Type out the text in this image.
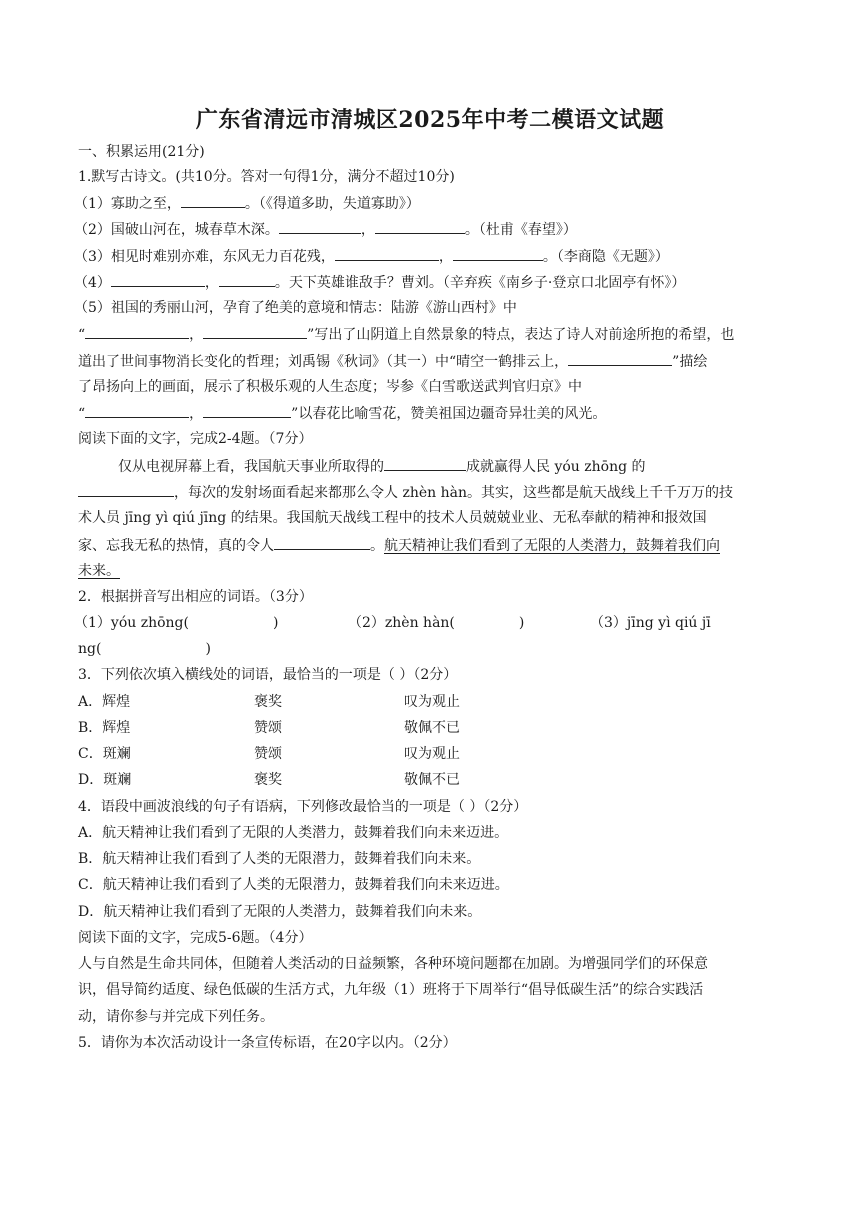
广东省清远市清城区2025年中考二模语文试题
一、积累运用(21分)
1.默写古诗文。(共10分。答对一句得1分，满分不超过10分)
（1）寡助之至，	。（《得道多助，失道寡助》）
（2）国破山河在，城春草木深。	，	。（杜甫《春望》）
（3）相见时难别亦难，东风无力百花残，	，	。（李商隐《无题》）
（4）	，	。天下英雄谁敌手？曹刘。（辛弃疾《南乡子·登京口北固亭有怀》）
（5）祖国的秀丽山河，孕育了绝美的意境和情志：陆游《游山西村》中
“	，	”写出了山阴道上自然景象的特点，表达了诗人对前途所抱的希望，也
道出了世间事物消长变化的哲理；刘禹锡《秋词》（其一）中“晴空一鹤排云上，	”描绘
了昂扬向上的画面，展示了积极乐观的人生态度；岑参《白雪歌送武判官归京》中
“	，	”以春花比喻雪花，赞美祖国边疆奇异壮美的风光。
阅读下面的文字，完成2-4题。（7分）
仅从电视屏幕上看，我国航天事业所取得的	成就赢得人民 yóu zhōng 的
，每次的发射场面看起来都那么令人 zhèn hàn。其实，这些都是航天战线上千千万万的技
术人员 jīng yì qiú jīng 的结果。我国航天战线工程中的技术人员兢兢业业、无私奉献的精神和报效国
家、忘我无私的热情，真的令人	。航天精神让我们看到了无限的人类潜力，鼓舞着我们向
未来。
2．根据拼音写出相应的词语。（3分）
（1）yóu zhōng(	)	（2）zhèn hàn(	)	（3）jīng yì qiú jī
ng(	)
3．下列依次填入横线处的词语，最恰当的一项是（ ）（2分）
A．辉煌	褒奖	叹为观止
B．辉煌	赞颂	敬佩不已
C．斑斓	赞颂	叹为观止
D．斑斓	褒奖	敬佩不已
4．语段中画波浪线的句子有语病，下列修改最恰当的一项是（ ）（2分）
A．航天精神让我们看到了无限的人类潜力，鼓舞着我们向未来迈进。
B．航天精神让我们看到了人类的无限潜力，鼓舞着我们向未来。
C．航天精神让我们看到了人类的无限潜力，鼓舞着我们向未来迈进。
D．航天精神让我们看到了无限的人类潜力，鼓舞着我们向未来。
阅读下面的文字，完成5-6题。（4分）
人与自然是生命共同体，但随着人类活动的日益频繁，各种环境问题都在加剧。为增强同学们的环保意
识，倡导简约适度、绿色低碳的生活方式，九年级（1）班将于下周举行“倡导低碳生活”的综合实践活
动，请你参与并完成下列任务。
5．请你为本次活动设计一条宣传标语，在20字以内。（2分）
